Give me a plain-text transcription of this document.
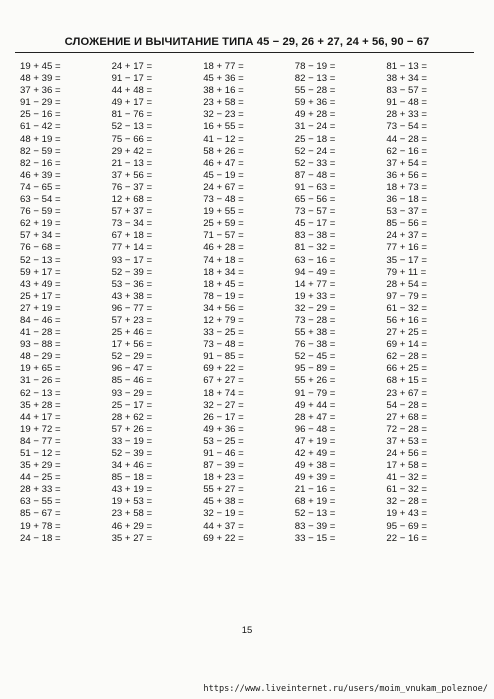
СЛОЖЕНИЕ И ВЫЧИТАНИЕ ТИПА 45 − 29, 26 + 27, 24 + 56, 90 − 67
19 + 45 =	24 + 17 =	18 + 77 =	78 − 19 =	81 − 13 =
48 + 39 =	91 − 17 =	45 + 36 =	82 − 13 =	38 + 34 =
37 + 36 =	44 + 48 =	38 + 16 =	55 − 28 =	83 − 57 =
91 − 29 =	49 + 17 =	23 + 58 =	59 + 36 =	91 − 48 =
25 − 16 =	81 − 76 =	32 − 23 =	49 + 28 =	28 + 33 =
61 − 42 =	52 − 13 =	16 + 55 =	31 − 24 =	73 − 54 =
48 + 19 =	75 − 66 =	41 − 12 =	25 − 18 =	44 − 28 =
82 − 59 =	29 + 42 =	58 + 26 =	52 − 24 =	62 − 16 =
82 − 16 =	21 − 13 =	46 + 47 =	52 − 33 =	37 + 54 =
46 + 39 =	37 + 56 =	45 − 19 =	87 − 48 =	36 + 56 =
74 − 65 =	76 − 37 =	24 + 67 =	91 − 63 =	18 + 73 =
63 − 54 =	12 + 68 =	73 − 48 =	65 − 56 =	36 − 18 =
76 − 59 =	57 + 37 =	19 + 55 =	73 − 57 =	53 − 37 =
62 + 19 =	73 − 34 =	25 + 59 =	45 − 17 =	85 − 56 =
57 + 34 =	67 + 18 =	71 − 57 =	83 − 38 =	24 + 37 =
76 − 68 =	77 + 14 =	46 + 28 =	81 − 32 =	77 + 16 =
52 − 13 =	93 − 17 =	74 + 18 =	63 − 16 =	35 − 17 =
59 + 17 =	52 − 39 =	18 + 34 =	94 − 49 =	79 + 11 =
43 + 49 =	53 − 36 =	18 + 45 =	14 + 77 =	28 + 54 =
25 + 17 =	43 + 38 =	78 − 19 =	19 + 33 =	97 − 79 =
27 + 19 =	96 − 77 =	34 + 56 =	32 − 29 =	61 − 32 =
84 − 46 =	57 + 23 =	12 + 79 =	73 − 28 =	56 + 16 =
41 − 28 =	25 + 46 =	33 − 25 =	55 + 38 =	27 + 25 =
93 − 88 =	17 + 56 =	73 − 48 =	76 − 38 =	69 + 14 =
48 − 29 =	52 − 29 =	91 − 85 =	52 − 45 =	62 − 28 =
19 + 65 =	96 − 47 =	69 + 22 =	95 − 89 =	66 + 25 =
31 − 26 =	85 − 46 =	67 + 27 =	55 + 26 =	68 + 15 =
62 − 13 =	93 − 29 =	18 + 74 =	91 − 79 =	23 + 67 =
35 + 28 =	25 − 17 =	32 − 27 =	49 + 44 =	54 − 28 =
44 + 17 =	28 + 62 =	26 − 17 =	28 + 47 =	27 + 68 =
19 + 72 =	57 + 26 =	49 + 36 =	96 − 48 =	72 − 28 =
84 − 77 =	33 − 19 =	53 − 25 =	47 + 19 =	37 + 53 =
51 − 12 =	52 − 39 =	91 − 46 =	42 + 49 =	24 + 56 =
35 + 29 =	34 + 46 =	87 − 39 =	49 + 38 =	17 + 58 =
44 − 25 =	85 − 18 =	18 + 23 =	49 + 39 =	41 − 32 =
28 + 33 =	43 + 19 =	55 + 27 =	21 − 16 =	61 − 32 =
63 − 55 =	19 + 53 =	45 + 38 =	68 + 19 =	32 − 28 =
85 − 67 =	23 + 58 =	32 − 19 =	52 − 13 =	19 + 43 =
19 + 78 =	46 + 29 =	44 + 37 =	83 − 39 =	95 − 69 =
24 − 18 =	35 + 27 =	69 + 22 =	33 − 15 =	22 − 16 =
15
https://www.liveinternet.ru/users/moim_vnukam_poleznoe/
